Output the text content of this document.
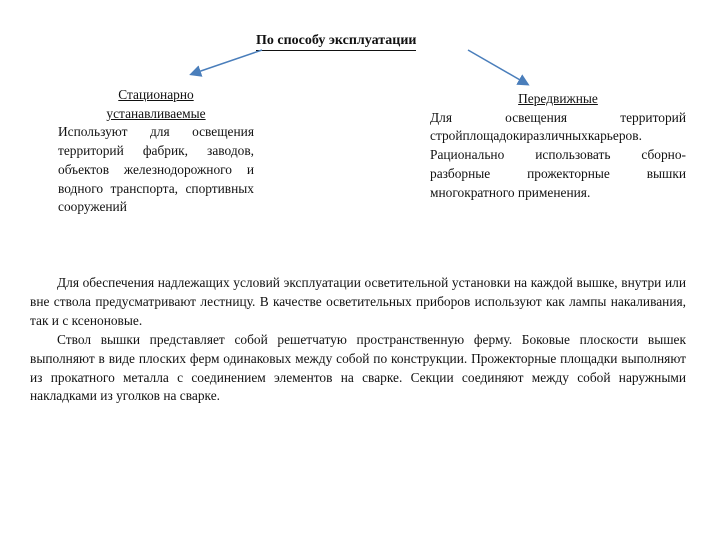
По способу эксплуатации
Стационарно
устанавливаемые
Используют для освещения территорий фабрик, заводов, объектов железнодорожного и водного транспорта, спортивных сооружений
Передвижные
Для освещения территорий стройплощадокиразличныхкарьеров. Рационально использовать сборно-разборные прожекторные вышки многократного применения.

Для обеспечения надлежащих условий эксплуатации осветительной установки на каждой вышке, внутри или вне ствола предусматривают лестницу. В качестве осветительных приборов используют как лампы накаливания, так и с ксеноновые.

Ствол вышки представляет собой решетчатую пространственную ферму. Боковые плоскости вышек выполняют в виде плоских ферм одинаковых между собой по конструкции. Прожекторные площадки выполняют из прокатного металла с соединением элементов на сварке. Секции соединяют между собой наружными накладками из уголков на сварке.
